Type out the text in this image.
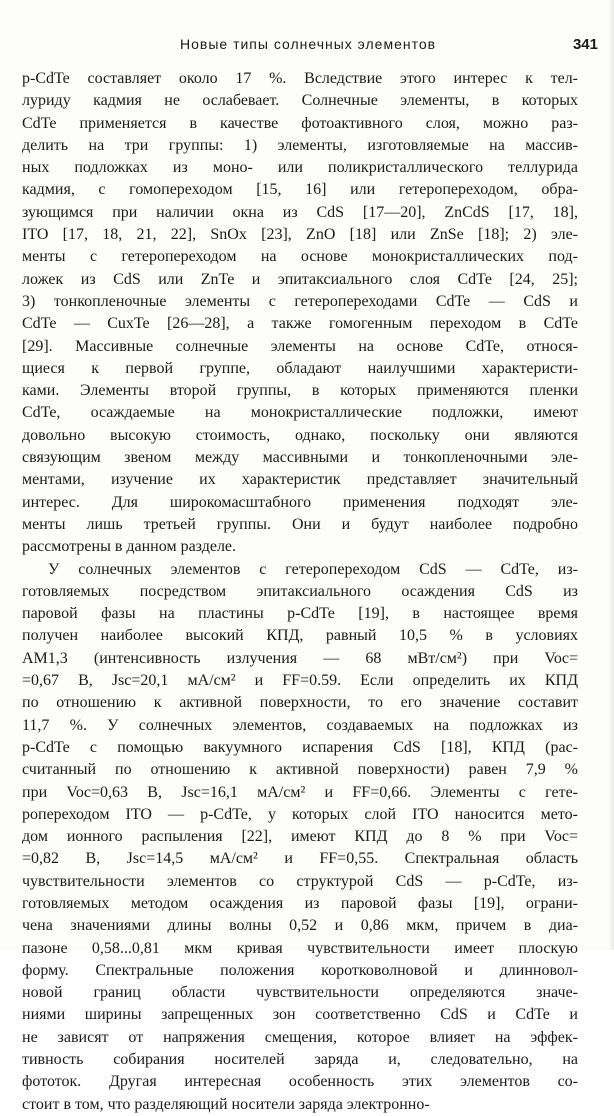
Новые типы солнечных элементов	341
p-CdTe составляет около 17 %. Вследствие этого интерес к тел-
луриду кадмия не ослабевает. Солнечные элементы, в которых
CdTe применяется в качестве фотоактивного слоя, можно раз-
делить на три группы: 1) элементы, изготовляемые на массив-
ных подложках из моно- или поликристаллического теллурида
кадмия, с гомопереходом [15, 16] или гетеропереходом, обра-
зующимся при наличии окна из CdS [17—20], ZnCdS [17, 18],
ITO [17, 18, 21, 22], SnOx [23], ZnO [18] или ZnSe [18]; 2) эле-
менты с гетеропереходом на основе монокристаллических под-
ложек из CdS или ZnTe и эпитаксиального слоя CdTe [24, 25];
3) тонкопленочные элементы с гетеропереходами CdTe — CdS и
CdTe — CuxTe [26—28], а также гомогенным переходом в CdTe
[29]. Массивные солнечные элементы на основе CdTe, относя-
щиеся к первой группе, обладают наилучшими характеристи-
ками. Элементы второй группы, в которых применяются пленки
CdTe, осаждаемые на монокристаллические подложки, имеют
довольно высокую стоимость, однако, поскольку они являются
связующим звеном между массивными и тонкопленочными эле-
ментами, изучение их характеристик представляет значительный
интерес. Для широкомасштабного применения подходят эле-
менты лишь третьей группы. Они и будут наиболее подробно
рассмотрены в данном разделе.
У солнечных элементов с гетеропереходом CdS — CdTe, из-
готовляемых посредством эпитаксиального осаждения CdS из
паровой фазы на пластины p-CdTe [19], в настоящее время
получен наиболее высокий КПД, равный 10,5 % в условиях
AM1,3 (интенсивность излучения — 68 мВт/см²) при Voc=
=0,67 В, Jsc=20,1 мА/см² и FF=0.59. Если определить их КПД
по отношению к активной поверхности, то его значение составит
11,7 %. У солнечных элементов, создаваемых на подложках из
p-CdTe с помощью вакуумного испарения CdS [18], КПД (рас-
считанный по отношению к активной поверхности) равен 7,9 %
при Voc=0,63 В, Jsc=16,1 мА/см² и FF=0,66. Элементы с гете-
ропереходом ITO — p-CdTe, у которых слой ITO наносится мето-
дом ионного распыления [22], имеют КПД до 8 % при Voc=
=0,82 В, Jsc=14,5 мА/см² и FF=0,55. Спектральная область
чувствительности элементов со структурой CdS — p-CdTe, из-
готовляемых методом осаждения из паровой фазы [19], ограни-
чена значениями длины волны 0,52 и 0,86 мкм, причем в диа-
пазоне 0,58...0,81 мкм кривая чувствительности имеет плоскую
форму. Спектральные положения коротковолновой и длинновол-
новой границ области чувствительности определяются значе-
ниями ширины запрещенных зон соответственно CdS и CdTe и
не зависят от напряжения смещения, которое влияет на эффек-
тивность собирания носителей заряда и, следовательно, на
фототок. Другая интересная особенность этих элементов со-
стоит в том, что разделяющий носители заряда электронно-
